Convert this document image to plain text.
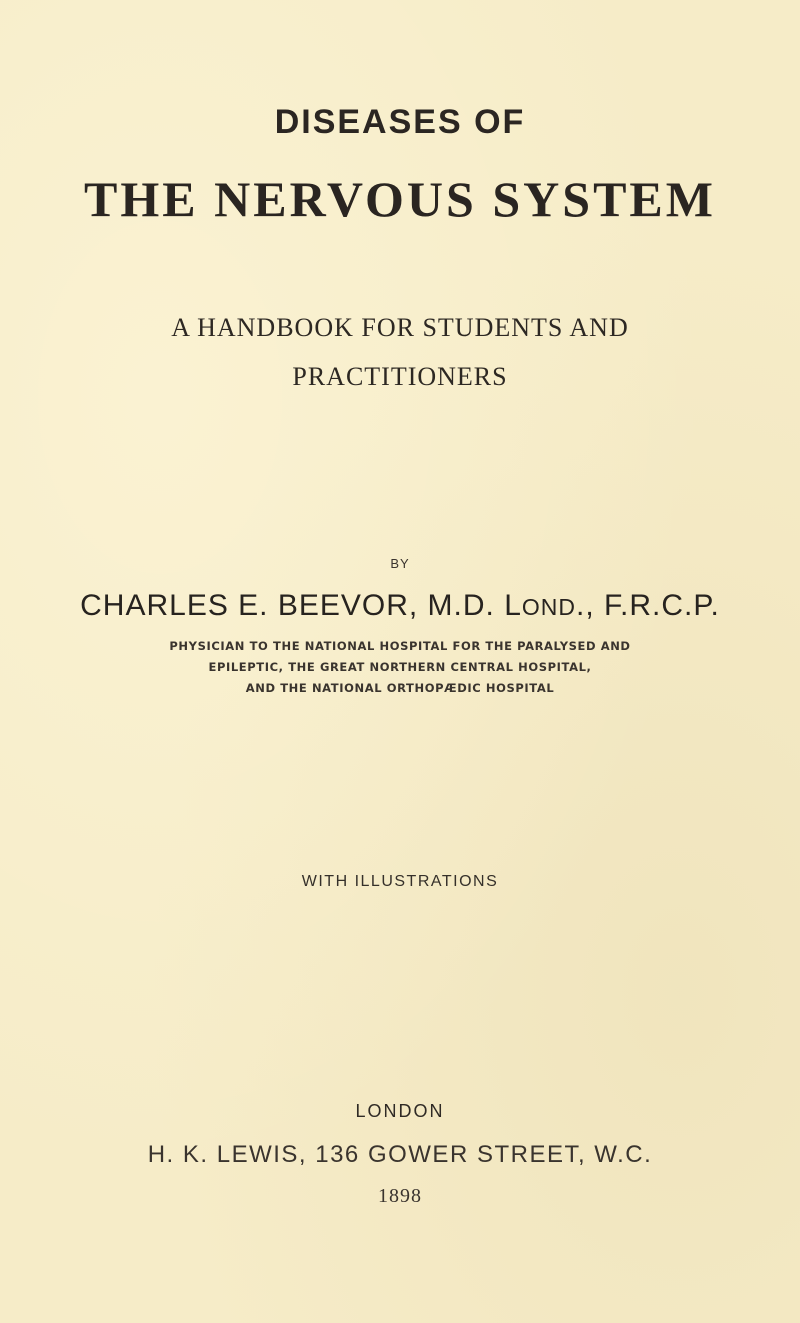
DISEASES OF
THE NERVOUS SYSTEM

A HANDBOOK FOR STUDENTS AND

PRACTITIONERS

BY

CHARLES E. BEEVOR, M.D. LOND., F.R.C.P.

PHYSICIAN TO THE NATIONAL HOSPITAL FOR THE PARALYSED AND
EPILEPTIC, THE GREAT NORTHERN CENTRAL HOSPITAL,
AND THE NATIONAL ORTHOPÆDIC HOSPITAL

WITH ILLUSTRATIONS

LONDON

H. K. LEWIS, 136 GOWER STREET, W.C.

1898
